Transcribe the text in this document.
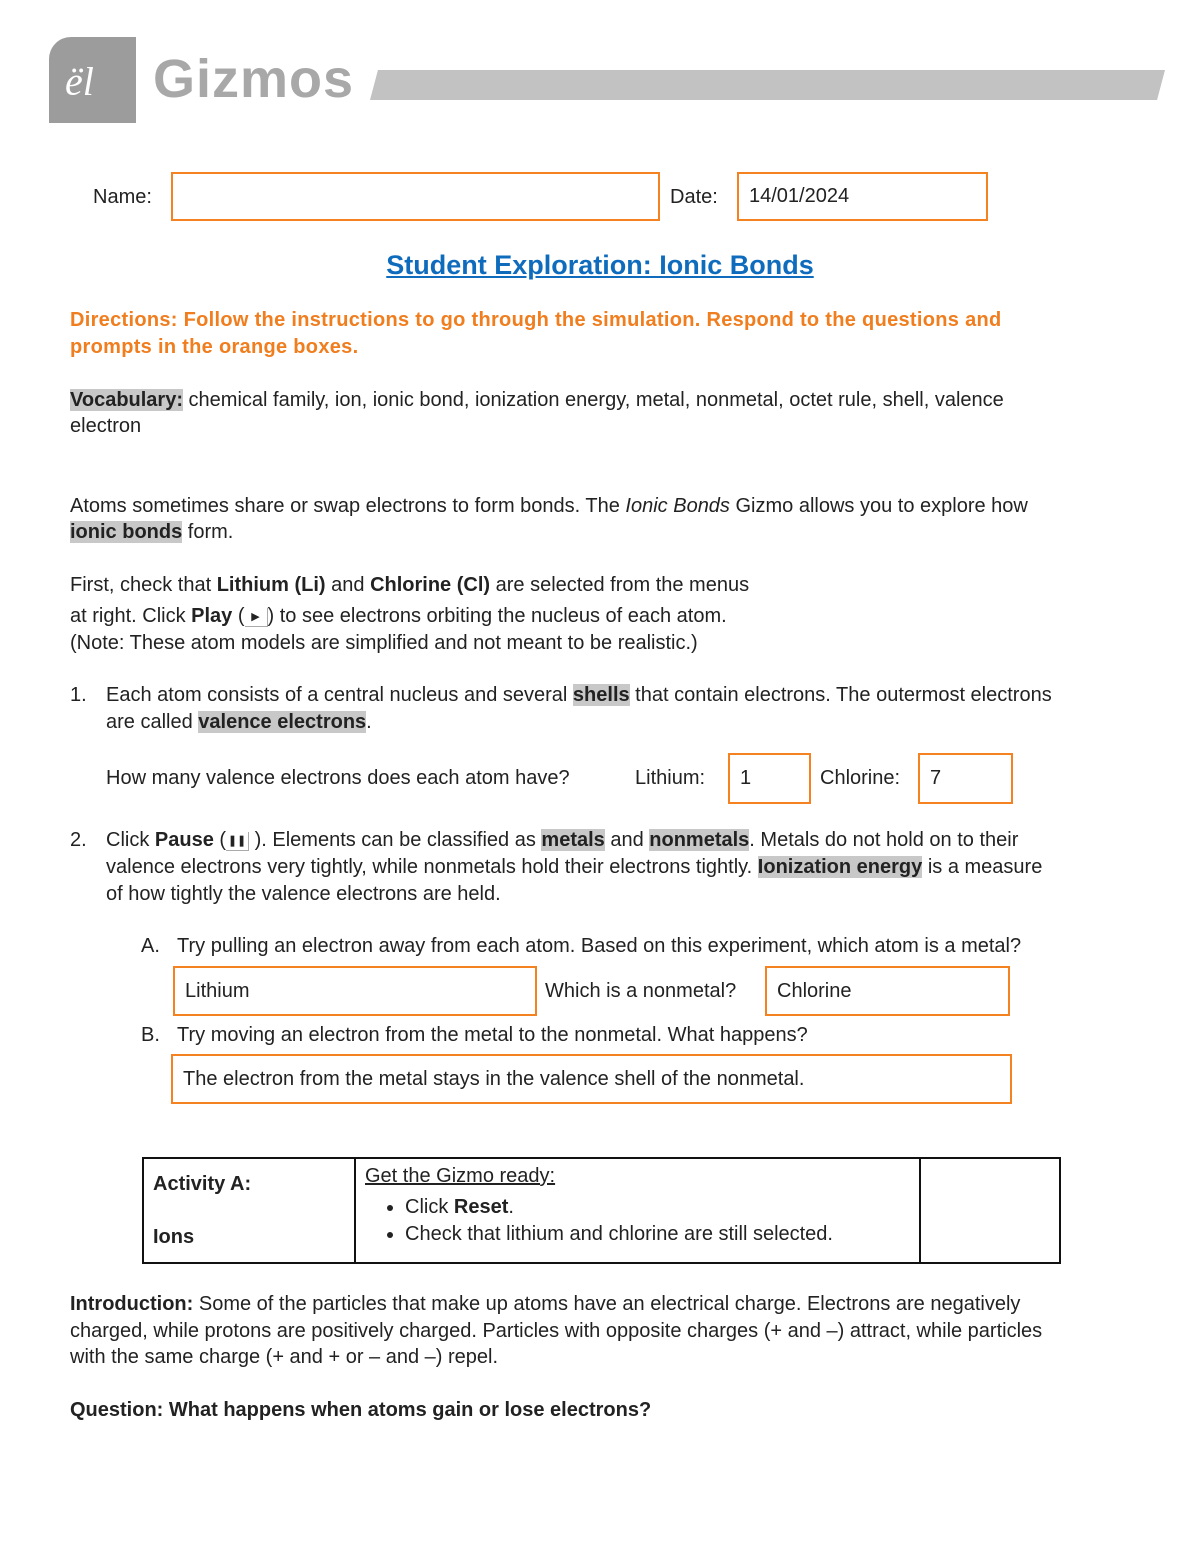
ël Gizmos
Name:	Date:	14/01/2024
Student Exploration: Ionic Bonds
Directions: Follow the instructions to go through the simulation. Respond to the questions and
prompts in the orange boxes.
Vocabulary: chemical family, ion, ionic bond, ionization energy, metal, nonmetal, octet rule, shell, valence
electron
Atoms sometimes share or swap electrons to form bonds. The Ionic Bonds Gizmo allows you to explore how
ionic bonds form.
First, check that Lithium (Li) and Chlorine (Cl) are selected from the menus
at right. Click Play ( ▶ ) to see electrons orbiting the nucleus of each atom.
(Note: These atom models are simplified and not meant to be realistic.)
1. Each atom consists of a central nucleus and several shells that contain electrons. The outermost electrons
are called valence electrons.
How many valence electrons does each atom have?	Lithium:	1	Chlorine:	7
2. Click Pause ( ❚❚ ). Elements can be classified as metals and nonmetals. Metals do not hold on to their
valence electrons very tightly, while nonmetals hold their electrons tightly. Ionization energy is a measure
of how tightly the valence electrons are held.
A. Try pulling an electron away from each atom. Based on this experiment, which atom is a metal?
Lithium	Which is a nonmetal?	Chlorine
B. Try moving an electron from the metal to the nonmetal. What happens?
The electron from the metal stays in the valence shell of the nonmetal.
Activity A:
Ions

Get the Gizmo ready:
• Click Reset.
• Check that lithium and chlorine are still selected.

Introduction: Some of the particles that make up atoms have an electrical charge. Electrons are negatively
charged, while protons are positively charged. Particles with opposite charges (+ and –) attract, while particles
with the same charge (+ and + or – and –) repel.
Question: What happens when atoms gain or lose electrons?
